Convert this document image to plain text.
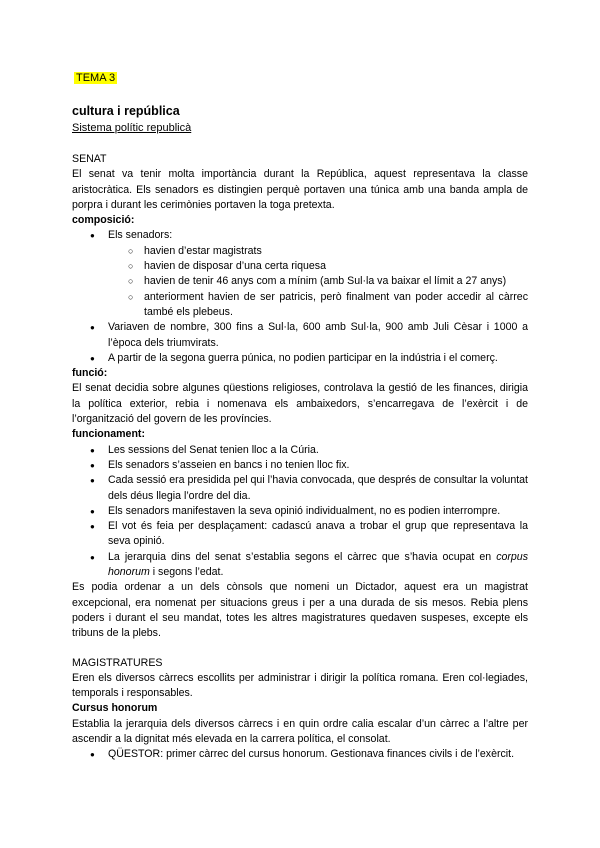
TEMA 3
cultura i república
Sistema polític republicà

SENAT

El senat va tenir molta importància durant la República, aquest representava la classe aristocràtica. Els senadors es distingien perquè portaven una túnica amb una banda ampla de porpra i durant les cerimònies portaven la toga pretexta.

composició:

● Els senadors:
○ havien d’estar magistrats
○ havien de disposar d’una certa riquesa
○ havien de tenir 46 anys com a mínim (amb Sul·la va baixar el límit a 27 anys)
○ anteriorment havien de ser patricis, però finalment van poder accedir al càrrec també els plebeus.
● Variaven de nombre, 300 fins a Sul·la, 600 amb Sul·la, 900 amb Juli Cèsar i 1000 a l’època dels triumvirats.
● A partir de la segona guerra púnica, no podien participar en la indústria i el comerç.

funció:

El senat decidia sobre algunes qüestions religioses, controlava la gestió de les finances, dirigia la política exterior, rebia i nomenava els ambaixedors, s’encarregava de l’exèrcit i de l’organització del govern de les províncies.

funcionament:

● Les sessions del Senat tenien lloc a la Cúria.
● Els senadors s’asseien en bancs i no tenien lloc fix.
● Cada sessió era presidida pel qui l’havia convocada, que després de consultar la voluntat dels déus llegia l’ordre del dia.
● Els senadors manifestaven la seva opinió individualment, no es podien interrompre.
● El vot és feia per desplaçament: cadascú anava a trobar el grup que representava la seva opinió.
● La jerarquia dins del senat s’establia segons el càrrec que s’havia ocupat en corpus honorum i segons l’edat.

Es podia ordenar a un dels cònsols que nomeni un Dictador, aquest era un magistrat excepcional, era nomenat per situacions greus i per a una durada de sis mesos. Rebia plens poders i durant el seu mandat, totes les altres magistratures quedaven suspeses, excepte els tribuns de la plebs.

MAGISTRATURES

Eren els diversos càrrecs escollits per administrar i dirigir la política romana. Eren col·legiades, temporals i responsables.

Cursus honorum

Establia la jerarquia dels diversos càrrecs i en quin ordre calia escalar d’un càrrec a l’altre per ascendir a la dignitat més elevada en la carrera política, el consolat.

● QÜESTOR: primer càrrec del cursus honorum. Gestionava finances civils i de l’exèrcit.
